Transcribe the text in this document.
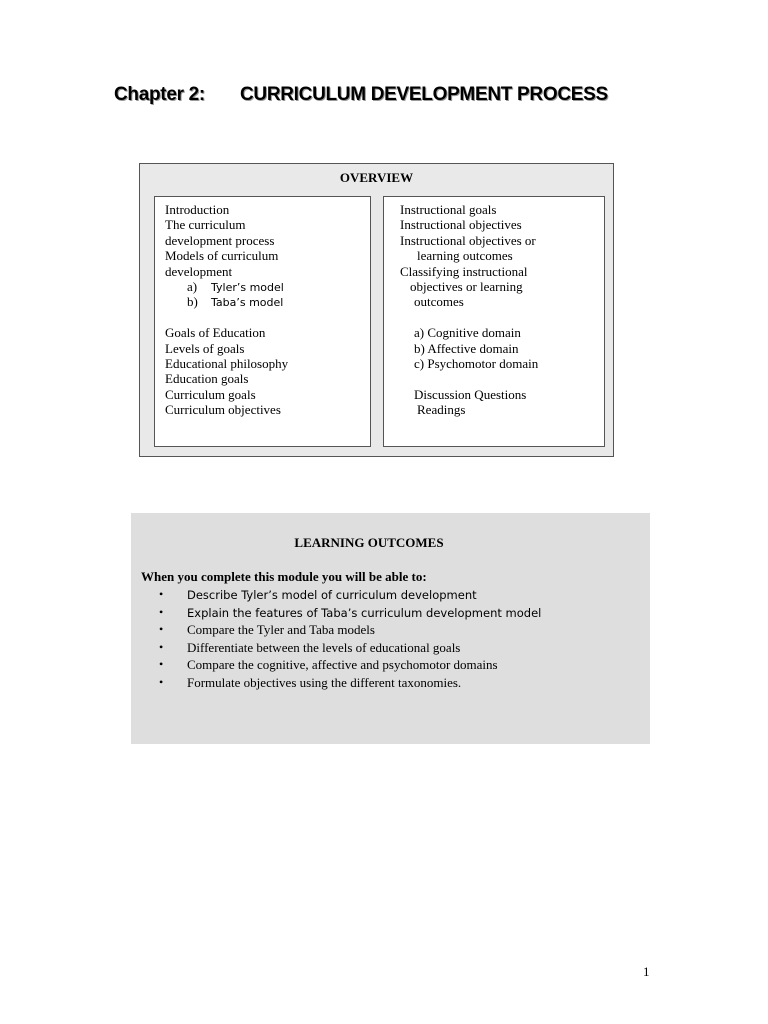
Chapter 2: CURRICULUM DEVELOPMENT PROCESS
OVERVIEW
Introduction
The curriculum
development process
Models of curriculum
development
a) Tyler’s model
b) Taba’s model
Goals of Education
Levels of goals
Educational philosophy
Education goals
Curriculum goals
Curriculum objectives
Instructional goals
Instructional objectives
Instructional objectives or
learning outcomes
Classifying instructional
objectives or learning
outcomes
a) Cognitive domain
b) Affective domain
c) Psychomotor domain
Discussion Questions
Readings
LEARNING OUTCOMES
When you complete this module you will be able to:
• Describe Tyler’s model of curriculum development
• Explain the features of Taba’s curriculum development model
• Compare the Tyler and Taba models
• Differentiate between the levels of educational goals
• Compare the cognitive, affective and psychomotor domains
• Formulate objectives using the different taxonomies.
1
